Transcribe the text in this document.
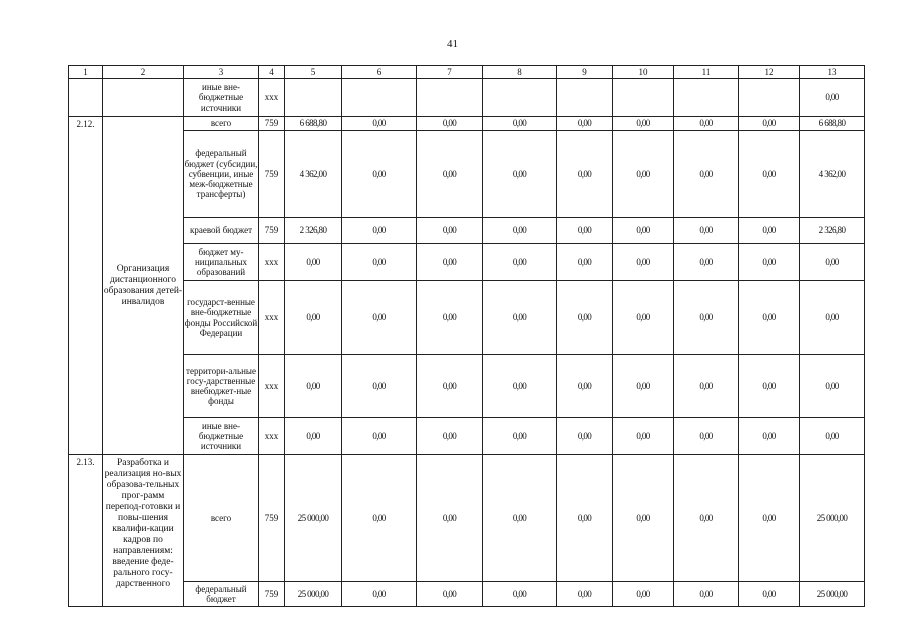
41
1	2	3	4	5	6	7	8	9	10	11	12	13
		иные вне-бюджетные источники	xxx									0,00
2.12.	Организация дистанционного образования детей-инвалидов	всего	759	6 688,80	0,00	0,00	0,00	0,00	0,00	0,00	0,00	6 688,80
		федеральный бюджет (субсидии, субвенции, иные меж-бюджетные трансферты)	759	4 362,00	0,00	0,00	0,00	0,00	0,00	0,00	0,00	4 362,00
		краевой бюджет	759	2 326,80	0,00	0,00	0,00	0,00	0,00	0,00	0,00	2 326,80
		бюджет му-ниципальных образований	xxx	0,00	0,00	0,00	0,00	0,00	0,00	0,00	0,00	0,00
		государст-венные вне-бюджетные фонды Российской Федерации	xxx	0,00	0,00	0,00	0,00	0,00	0,00	0,00	0,00	0,00
		территори-альные госу-дарственные внебюджет-ные фонды	xxx	0,00	0,00	0,00	0,00	0,00	0,00	0,00	0,00	0,00
		иные вне-бюджетные источники	xxx	0,00	0,00	0,00	0,00	0,00	0,00	0,00	0,00	0,00
2.13.	Разработка и реализация но-вых образова-тельных прог-рамм перепод-готовки и повы-шения квалифи-кации кадров по направлениям: введение феде-рального госу-дарственного	всего	759	25 000,00	0,00	0,00	0,00	0,00	0,00	0,00	0,00	25 000,00
		федеральный бюджет	759	25 000,00	0,00	0,00	0,00	0,00	0,00	0,00	0,00	25 000,00
